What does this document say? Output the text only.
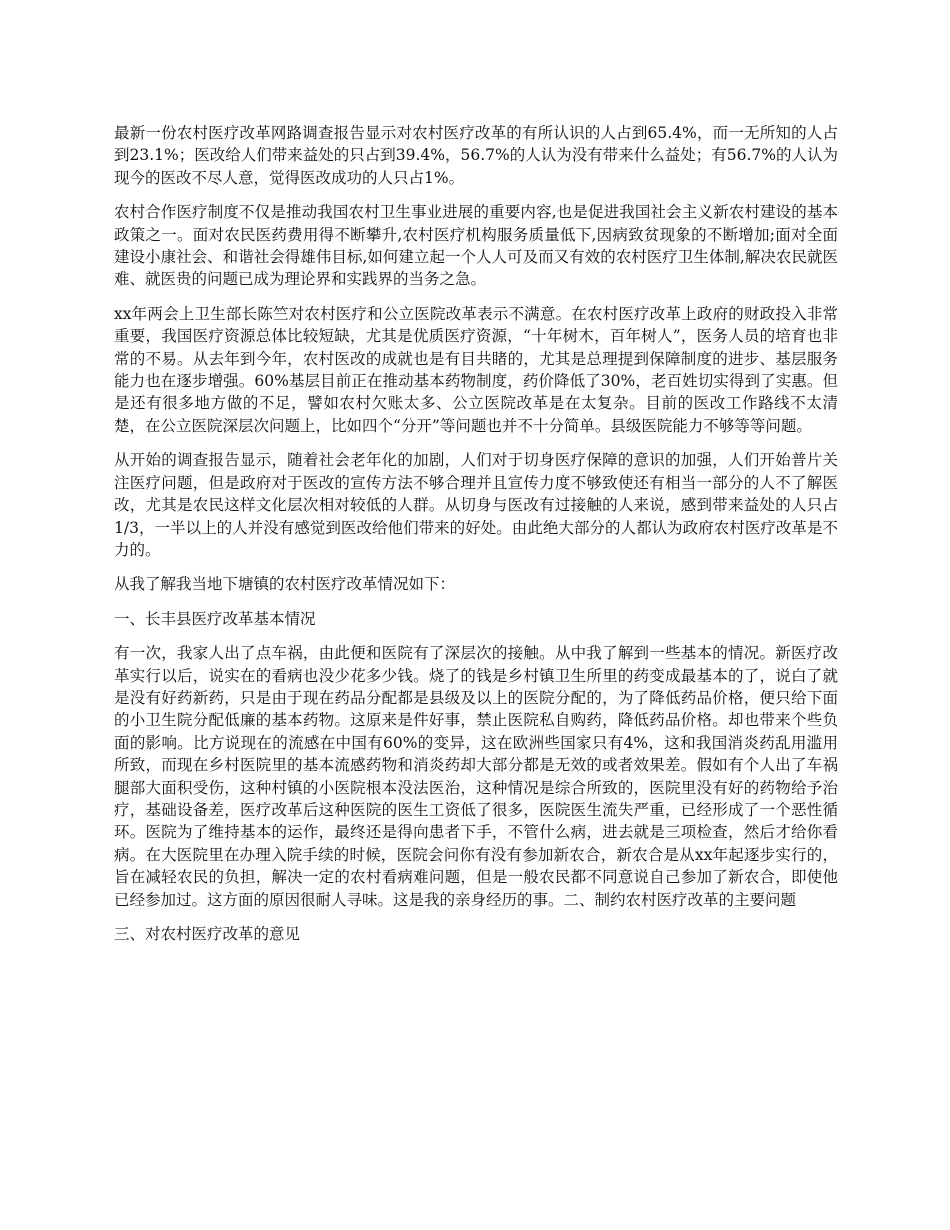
最新一份农村医疗改革网路调查报告显示对农村医疗改革的有所认识的人占到65.4%，而一无所知的人占到23.1%；医改给人们带来益处的只占到39.4%，56.7%的人认为没有带来什么益处；有56.7%的人认为现今的医改不尽人意，觉得医改成功的人只占1%。

农村合作医疗制度不仅是推动我国农村卫生事业进展的重要内容,也是促进我国社会主义新农村建设的基本政策之一。面对农民医药费用得不断攀升,农村医疗机构服务质量低下,因病致贫现象的不断增加;面对全面建设小康社会、和谐社会得雄伟目标,如何建立起一个人人可及而又有效的农村医疗卫生体制,解决农民就医难、就医贵的问题已成为理论界和实践界的当务之急。

xx年两会上卫生部长陈竺对农村医疗和公立医院改革表示不满意。在农村医疗改革上政府的财政投入非常重要，我国医疗资源总体比较短缺，尤其是优质医疗资源，“十年树木，百年树人”，医务人员的培育也非常的不易。从去年到今年，农村医改的成就也是有目共睹的，尤其是总理提到保障制度的进步、基层服务能力也在逐步增强。60%基层目前正在推动基本药物制度，药价降低了30%，老百姓切实得到了实惠。但是还有很多地方做的不足，譬如农村欠账太多、公立医院改革是在太复杂。目前的医改工作路线不太清楚，在公立医院深层次问题上，比如四个“分开”等问题也并不十分简单。县级医院能力不够等等问题。

从开始的调查报告显示，随着社会老年化的加剧，人们对于切身医疗保障的意识的加强，人们开始普片关注医疗问题，但是政府对于医改的宣传方法不够合理并且宣传力度不够致使还有相当一部分的人不了解医改，尤其是农民这样文化层次相对较低的人群。从切身与医改有过接触的人来说，感到带来益处的人只占1/3，一半以上的人并没有感觉到医改给他们带来的好处。由此绝大部分的人都认为政府农村医疗改革是不力的。

从我了解我当地下塘镇的农村医疗改革情况如下：

一、长丰县医疗改革基本情况

有一次，我家人出了点车祸，由此便和医院有了深层次的接触。从中我了解到一些基本的情况。新医疗改革实行以后，说实在的看病也没少花多少钱。烧了的钱是乡村镇卫生所里的药变成最基本的了，说白了就是没有好药新药，只是由于现在药品分配都是县级及以上的医院分配的，为了降低药品价格，便只给下面的小卫生院分配低廉的基本药物。这原来是件好事，禁止医院私自购药，降低药品价格。却也带来个些负面的影响。比方说现在的流感在中国有60%的变异，这在欧洲些国家只有4%，这和我国消炎药乱用滥用所致，而现在乡村医院里的基本流感药物和消炎药却大部分都是无效的或者效果差。假如有个人出了车祸腿部大面积受伤，这种村镇的小医院根本没法医治，这种情况是综合所致的，医院里没有好的药物给予治疗，基础设备差，医疗改革后这种医院的医生工资低了很多，医院医生流失严重，已经形成了一个恶性循环。医院为了维持基本的运作，最终还是得向患者下手，不管什么病，进去就是三项检查，然后才给你看病。在大医院里在办理入院手续的时候，医院会问你有没有参加新农合，新农合是从xx年起逐步实行的，旨在减轻农民的负担，解决一定的农村看病难问题，但是一般农民都不同意说自己参加了新农合，即使他已经参加过。这方面的原因很耐人寻味。这是我的亲身经历的事。二、制约农村医疗改革的主要问题

三、对农村医疗改革的意见
